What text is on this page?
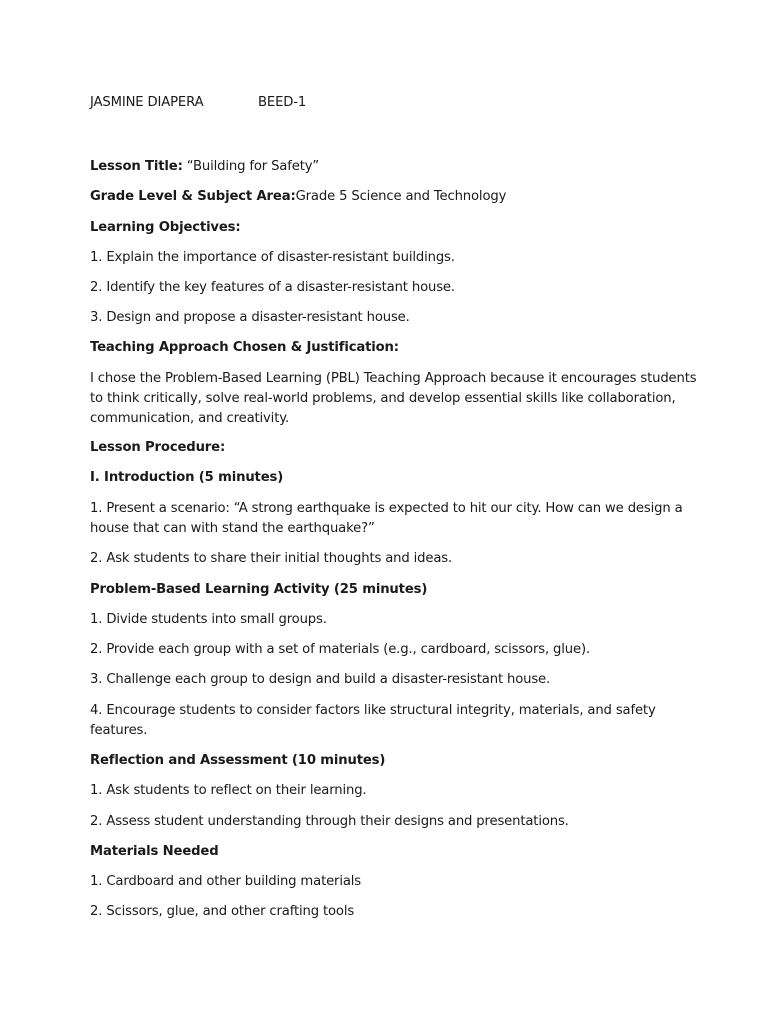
JASMINE DIAPERA	BEED-1
Lesson Title: “Building for Safety”
Grade Level & Subject Area:Grade 5 Science and Technology
Learning Objectives:
1. Explain the importance of disaster-resistant buildings.
2. Identify the key features of a disaster-resistant house.
3. Design and propose a disaster-resistant house.
Teaching Approach Chosen & Justification:
I chose the Problem-Based Learning (PBL) Teaching Approach because it encourages students
to think critically, solve real-world problems, and develop essential skills like collaboration,
communication, and creativity.
Lesson Procedure:
I. Introduction (5 minutes)
1. Present a scenario: “A strong earthquake is expected to hit our city. How can we design a
house that can with stand the earthquake?”
2. Ask students to share their initial thoughts and ideas.
Problem-Based Learning Activity (25 minutes)
1. Divide students into small groups.
2. Provide each group with a set of materials (e.g., cardboard, scissors, glue).
3. Challenge each group to design and build a disaster-resistant house.
4. Encourage students to consider factors like structural integrity, materials, and safety
features.
Reflection and Assessment (10 minutes)
1. Ask students to reflect on their learning.
2. Assess student understanding through their designs and presentations.
Materials Needed
1. Cardboard and other building materials
2. Scissors, glue, and other crafting tools
